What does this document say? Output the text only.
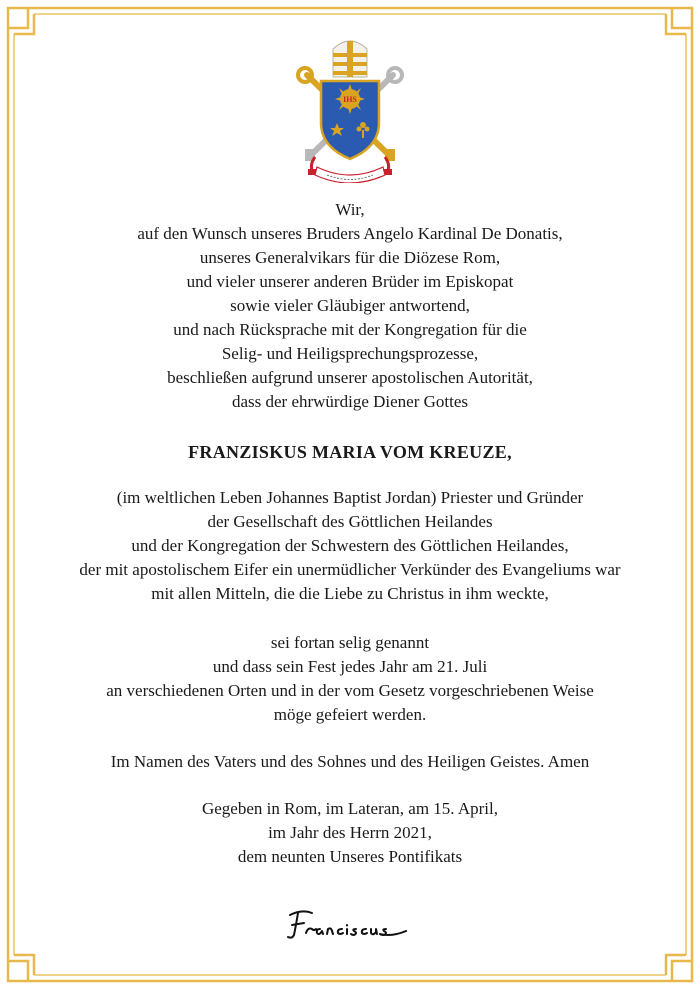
IHS

Wir,
auf den Wunsch unseres Bruders Angelo Kardinal De Donatis,
unseres Generalvikars für die Diözese Rom,
und vieler unserer anderen Brüder im Episkopat
sowie vieler Gläubiger antwortend,
und nach Rücksprache mit der Kongregation für die
Selig- und Heiligsprechungsprozesse,
beschließen aufgrund unserer apostolischen Autorität,
dass der ehrwürdige Diener Gottes

FRANZISKUS MARIA VOM KREUZE,

(im weltlichen Leben Johannes Baptist Jordan) Priester und Gründer
der Gesellschaft des Göttlichen Heilandes
und der Kongregation der Schwestern des Göttlichen Heilandes,
der mit apostolischem Eifer ein unermüdlicher Verkünder des Evangeliums war
mit allen Mitteln, die die Liebe zu Christus in ihm weckte,

sei fortan selig genannt
und dass sein Fest jedes Jahr am 21. Juli
an verschiedenen Orten und in der vom Gesetz vorgeschriebenen Weise
möge gefeiert werden.

Im Namen des Vaters und des Sohnes und des Heiligen Geistes. Amen

Gegeben in Rom, im Lateran, am 15. April,
im Jahr des Herrn 2021,
dem neunten Unseres Pontifikats
